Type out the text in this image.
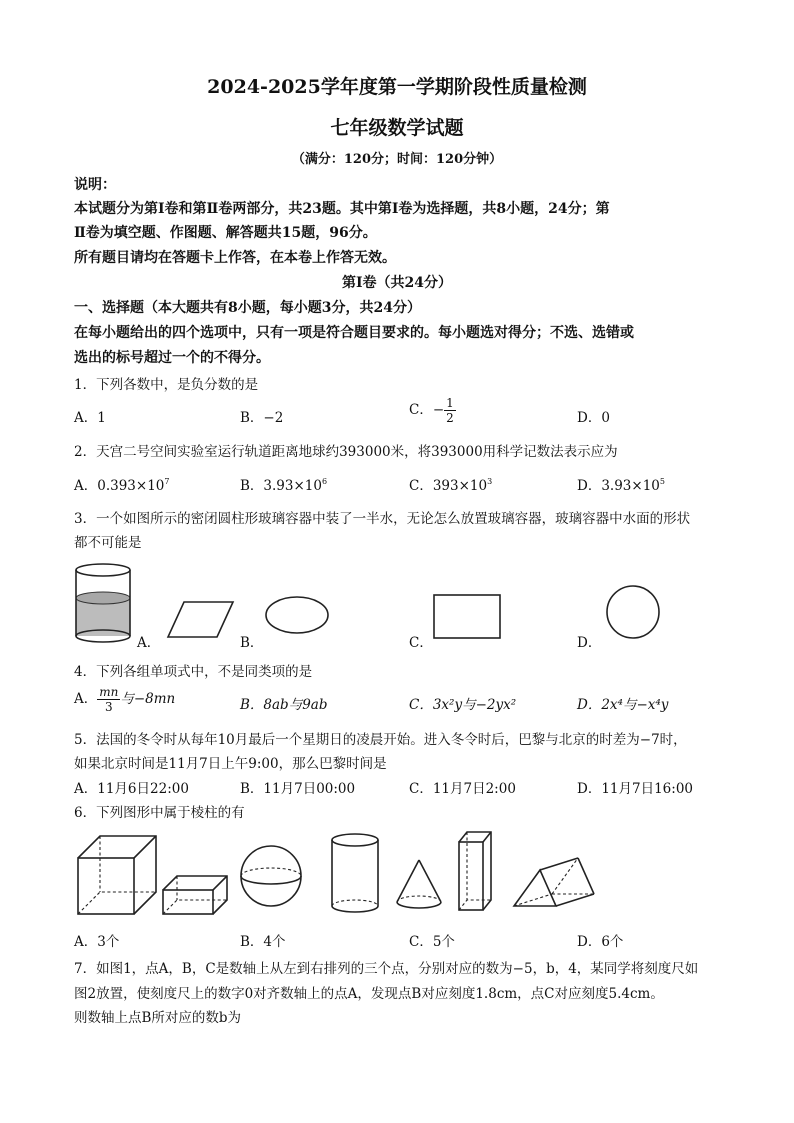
2024-2025学年度第一学期阶段性质量检测
七年级数学试题
（满分：120分；时间：120分钟）
说明：
本试题分为第Ⅰ卷和第Ⅱ卷两部分，共23题。其中第Ⅰ卷为选择题，共8小题，24分；第
Ⅱ卷为填空题、作图题、解答题共15题，96分。
所有题目请均在答题卡上作答，在本卷上作答无效。
第Ⅰ卷（共24分）
一、选择题（本大题共有8小题，每小题3分，共24分）
在每小题给出的四个选项中，只有一项是符合题目要求的。每小题选对得分；不选、选错或
选出的标号超过一个的不得分。
1．下列各数中，是负分数的是
A．1	B．−2	C．− $\frac{1}{2}$	D．0
2．天宫二号空间实验室运行轨道距离地球约393000米，将393000用科学记数法表示应为
A．$0.393\times 10^7$	B．$3.93\times 10^6$	C．$393\times 10^3$	D．$3.93\times 10^5$
3．一个如图所示的密闭圆柱形玻璃容器中装了一半水，无论怎么放置玻璃容器，玻璃容器中水面的形状
都不可能是
A．	B．	C．	D．
4．下列各组单项式中，不是同类项的是
A． $\frac{mn}{3}$ 与−8mn	B．8ab与9ab	C．3x²y与−2yx²	D．2x⁴与−x⁴y
5．法国的冬令时从每年10月最后一个星期日的凌晨开始。进入冬令时后，巴黎与北京的时差为−7时，
如果北京时间是11月7日上午9:00，那么巴黎时间是
A．11月6日22:00	B．11月7日00:00	C．11月7日2:00	D．11月7日16:00
6．下列图形中属于棱柱的有
A．3个	B．4个	C．5个	D．6个
7．如图1，点A，B，C是数轴上从左到右排列的三个点，分别对应的数为−5，b，4，某同学将刻度尺如
图2放置，使刻度尺上的数字0对齐数轴上的点A，发现点B对应刻度1.8cm，点C对应刻度5.4cm。
则数轴上点B所对应的数b为
